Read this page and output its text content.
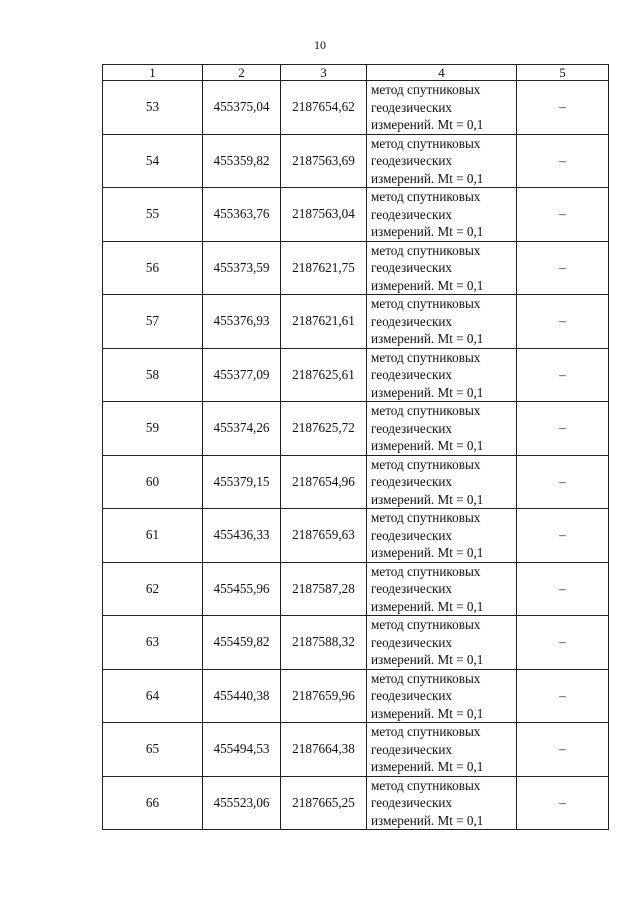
10
1	2	3	4	5
53	455375,04	2187654,62	метод спутниковых
геодезических
измерений. Mt = 0,1	–
54	455359,82	2187563,69	метод спутниковых
геодезических
измерений. Mt = 0,1	–
55	455363,76	2187563,04	метод спутниковых
геодезических
измерений. Mt = 0,1	–
56	455373,59	2187621,75	метод спутниковых
геодезических
измерений. Mt = 0,1	–
57	455376,93	2187621,61	метод спутниковых
геодезических
измерений. Mt = 0,1	–
58	455377,09	2187625,61	метод спутниковых
геодезических
измерений. Mt = 0,1	–
59	455374,26	2187625,72	метод спутниковых
геодезических
измерений. Mt = 0,1	–
60	455379,15	2187654,96	метод спутниковых
геодезических
измерений. Mt = 0,1	–
61	455436,33	2187659,63	метод спутниковых
геодезических
измерений. Mt = 0,1	–
62	455455,96	2187587,28	метод спутниковых
геодезических
измерений. Mt = 0,1	–
63	455459,82	2187588,32	метод спутниковых
геодезических
измерений. Mt = 0,1	–
64	455440,38	2187659,96	метод спутниковых
геодезических
измерений. Mt = 0,1	–
65	455494,53	2187664,38	метод спутниковых
геодезических
измерений. Mt = 0,1	–
66	455523,06	2187665,25	метод спутниковых
геодезических
измерений. Mt = 0,1	–
